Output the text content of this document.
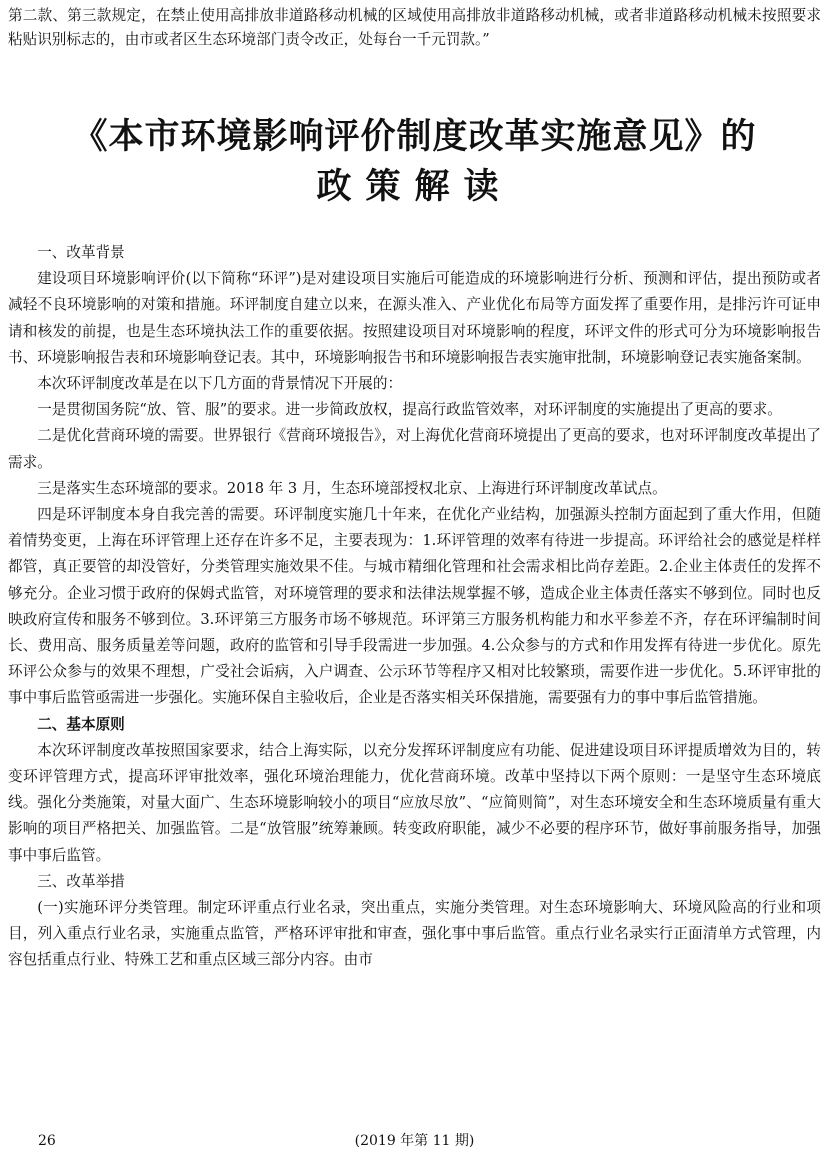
第二款、第三款规定，在禁止使用高排放非道路移动机械的区域使用高排放非道路移动机械，或者非道路移动机械未按照要求粘贴识别标志的，由市或者区生态环境部门责令改正，处每台一千元罚款。”

《本市环境影响评价制度改革实施意见》的
政策解读
一、改革背景

建设项目环境影响评价(以下简称“环评”)是对建设项目实施后可能造成的环境影响进行分析、预测和评估，提出预防或者减轻不良环境影响的对策和措施。环评制度自建立以来，在源头准入、产业优化布局等方面发挥了重要作用，是排污许可证申请和核发的前提，也是生态环境执法工作的重要依据。按照建设项目对环境影响的程度，环评文件的形式可分为环境影响报告书、环境影响报告表和环境影响登记表。其中，环境影响报告书和环境影响报告表实施审批制，环境影响登记表实施备案制。

本次环评制度改革是在以下几方面的背景情况下开展的：

一是贯彻国务院“放、管、服”的要求。进一步简政放权，提高行政监管效率，对环评制度的实施提出了更高的要求。

二是优化营商环境的需要。世界银行《营商环境报告》，对上海优化营商环境提出了更高的要求，也对环评制度改革提出了需求。

三是落实生态环境部的要求。2018 年 3 月，生态环境部授权北京、上海进行环评制度改革试点。

四是环评制度本身自我完善的需要。环评制度实施几十年来，在优化产业结构，加强源头控制方面起到了重大作用，但随着情势变更，上海在环评管理上还存在许多不足，主要表现为：1.环评管理的效率有待进一步提高。环评给社会的感觉是样样都管，真正要管的却没管好，分类管理实施效果不佳。与城市精细化管理和社会需求相比尚存差距。2.企业主体责任的发挥不够充分。企业习惯于政府的保姆式监管，对环境管理的要求和法律法规掌握不够，造成企业主体责任落实不够到位。同时也反映政府宣传和服务不够到位。3.环评第三方服务市场不够规范。环评第三方服务机构能力和水平参差不齐，存在环评编制时间长、费用高、服务质量差等问题，政府的监管和引导手段需进一步加强。4.公众参与的方式和作用发挥有待进一步优化。原先环评公众参与的效果不理想，广受社会诟病，入户调查、公示环节等程序又相对比较繁琐，需要作进一步优化。5.环评审批的事中事后监管亟需进一步强化。实施环保自主验收后，企业是否落实相关环保措施，需要强有力的事中事后监管措施。

二、基本原则

本次环评制度改革按照国家要求，结合上海实际，以充分发挥环评制度应有功能、促进建设项目环评提质增效为目的，转变环评管理方式，提高环评审批效率，强化环境治理能力，优化营商环境。改革中坚持以下两个原则：一是坚守生态环境底线。强化分类施策，对量大面广、生态环境影响较小的项目“应放尽放”、“应简则简”，对生态环境安全和生态环境质量有重大影响的项目严格把关、加强监管。二是“放管服”统筹兼顾。转变政府职能，减少不必要的程序环节，做好事前服务指导，加强事中事后监管。

三、改革举措

(一)实施环评分类管理。制定环评重点行业名录，突出重点，实施分类管理。对生态环境影响大、环境风险高的行业和项目，列入重点行业名录，实施重点监管，严格环评审批和审查，强化事中事后监管。重点行业名录实行正面清单方式管理，内容包括重点行业、特殊工艺和重点区域三部分内容。由市

26	(2019 年第 11 期)
